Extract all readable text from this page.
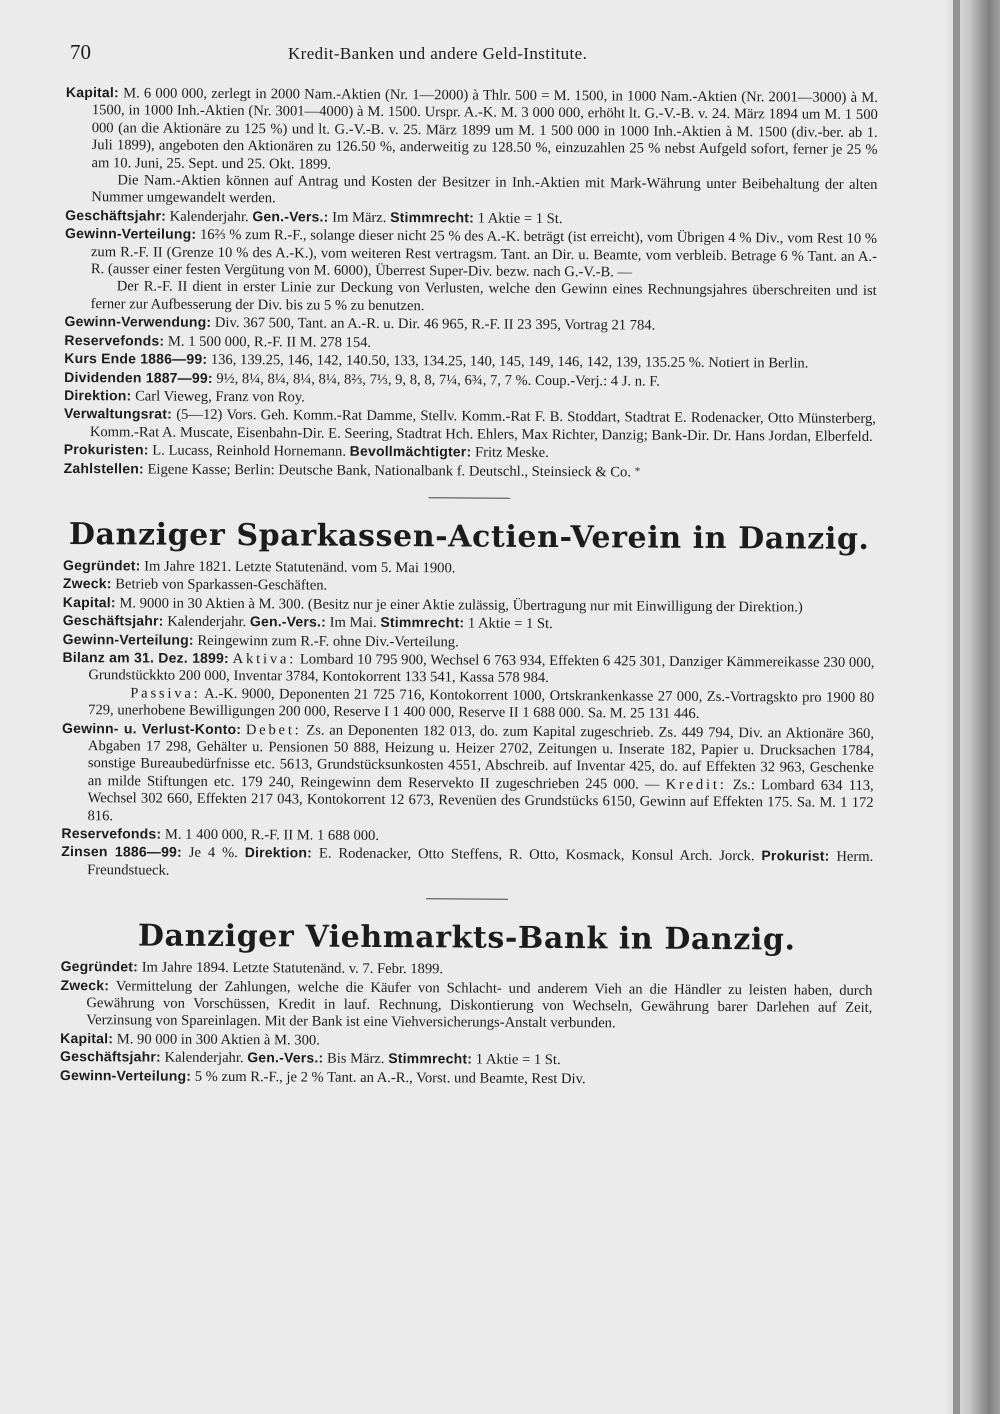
70	Kredit-Banken und andere Geld-Institute.

Kapital: M. 6 000 000, zerlegt in 2000 Nam.-Aktien (Nr. 1—2000) à Thlr. 500 = M. 1500, in 1000 Nam.-Aktien (Nr. 2001—3000) à M. 1500, in 1000 Inh.-Aktien (Nr. 3001—4000) à M. 1500. Urspr. A.-K. M. 3 000 000, erhöht lt. G.-V.-B. v. 24. März 1894 um M. 1 500 000 (an die Aktionäre zu 125 %) und lt. G.-V.-B. v. 25. März 1899 um M. 1 500 000 in 1000 Inh.-Aktien à M. 1500 (div.-ber. ab 1. Juli 1899), angeboten den Aktionären zu 126.50 %, anderweitig zu 128.50 %, einzuzahlen 25 % nebst Aufgeld sofort, ferner je 25 % am 10. Juni, 25. Sept. und 25. Okt. 1899.

Die Nam.-Aktien können auf Antrag und Kosten der Besitzer in Inh.-Aktien mit Mark-Währung unter Beibehaltung der alten Nummer umgewandelt werden.

Geschäftsjahr: Kalenderjahr. Gen.-Vers.: Im März. Stimmrecht: 1 Aktie = 1 St.

Gewinn-Verteilung: 16⅔ % zum R.-F., solange dieser nicht 25 % des A.-K. beträgt (ist erreicht), vom Übrigen 4 % Div., vom Rest 10 % zum R.-F. II (Grenze 10 % des A.-K.), vom weiteren Rest vertragsm. Tant. an Dir. u. Beamte, vom verbleib. Betrage 6 % Tant. an A.-R. (ausser einer festen Vergütung von M. 6000), Überrest Super-Div. bezw. nach G.-V.-B. —

Der R.-F. II dient in erster Linie zur Deckung von Verlusten, welche den Gewinn eines Rechnungsjahres überschreiten und ist ferner zur Aufbesserung der Div. bis zu 5 % zu benutzen.

Gewinn-Verwendung: Div. 367 500, Tant. an A.-R. u. Dir. 46 965, R.-F. II 23 395, Vortrag 21 784.

Reservefonds: M. 1 500 000, R.-F. II M. 278 154.

Kurs Ende 1886—99: 136, 139.25, 146, 142, 140.50, 133, 134.25, 140, 145, 149, 146, 142, 139, 135.25 %. Notiert in Berlin.

Dividenden 1887—99: 9½, 8¼, 8¼, 8¼, 8¼, 8⅔, 7⅓, 9, 8, 8, 7¼, 6¾, 7, 7 %. Coup.-Verj.: 4 J. n. F.

Direktion: Carl Vieweg, Franz von Roy.

Verwaltungsrat: (5—12) Vors. Geh. Komm.-Rat Damme, Stellv. Komm.-Rat F. B. Stoddart, Stadtrat E. Rodenacker, Otto Münsterberg, Komm.-Rat A. Muscate, Eisenbahn-Dir. E. Seering, Stadtrat Hch. Ehlers, Max Richter, Danzig; Bank-Dir. Dr. Hans Jordan, Elberfeld.

Prokuristen: L. Lucass, Reinhold Hornemann. Bevollmächtigter: Fritz Meske.

Zahlstellen: Eigene Kasse; Berlin: Deutsche Bank, Nationalbank f. Deutschl., Steinsieck & Co. *

Danziger Sparkassen-Actien-Verein in Danzig.

Gegründet: Im Jahre 1821. Letzte Statutenänd. vom 5. Mai 1900.

Zweck: Betrieb von Sparkassen-Geschäften.

Kapital: M. 9000 in 30 Aktien à M. 300. (Besitz nur je einer Aktie zulässig, Übertragung nur mit Einwilligung der Direktion.)

Geschäftsjahr: Kalenderjahr. Gen.-Vers.: Im Mai. Stimmrecht: 1 Aktie = 1 St.

Gewinn-Verteilung: Reingewinn zum R.-F. ohne Div.-Verteilung.

Bilanz am 31. Dez. 1899: Aktiva: Lombard 10 795 900, Wechsel 6 763 934, Effekten 6 425 301, Danziger Kämmereikasse 230 000, Grundstückkto 200 000, Inventar 3784, Kontokorrent 133 541, Kassa 578 984.

Passiva: A.-K. 9000, Deponenten 21 725 716, Kontokorrent 1000, Ortskrankenkasse 27 000, Zs.-Vortragskto pro 1900 80 729, unerhobene Bewilligungen 200 000, Reserve I 1 400 000, Reserve II 1 688 000. Sa. M. 25 131 446.

Gewinn- u. Verlust-Konto: Debet: Zs. an Deponenten 182 013, do. zum Kapital zugeschrieb. Zs. 449 794, Div. an Aktionäre 360, Abgaben 17 298, Gehälter u. Pensionen 50 888, Heizung u. Heizer 2702, Zeitungen u. Inserate 182, Papier u. Drucksachen 1784, sonstige Bureaubedürfnisse etc. 5613, Grundstücksunkosten 4551, Abschreib. auf Inventar 425, do. auf Effekten 32 963, Geschenke an milde Stiftungen etc. 179 240, Reingewinn dem Reservekto II zugeschrieben 245 000. — Kredit: Zs.: Lombard 634 113, Wechsel 302 660, Effekten 217 043, Kontokorrent 12 673, Revenüen des Grundstücks 6150, Gewinn auf Effekten 175. Sa. M. 1 172 816.

Reservefonds: M. 1 400 000, R.-F. II M. 1 688 000.

Zinsen 1886—99: Je 4 %. Direktion: E. Rodenacker, Otto Steffens, R. Otto, Kosmack, Konsul Arch. Jorck. Prokurist: Herm. Freundstueck.

Danziger Viehmarkts-Bank in Danzig.

Gegründet: Im Jahre 1894. Letzte Statutenänd. v. 7. Febr. 1899.

Zweck: Vermittelung der Zahlungen, welche die Käufer von Schlacht- und anderem Vieh an die Händler zu leisten haben, durch Gewährung von Vorschüssen, Kredit in lauf. Rechnung, Diskontierung von Wechseln, Gewährung barer Darlehen auf Zeit, Verzinsung von Spareinlagen. Mit der Bank ist eine Viehversicherungs-Anstalt verbunden.

Kapital: M. 90 000 in 300 Aktien à M. 300.

Geschäftsjahr: Kalenderjahr. Gen.-Vers.: Bis März. Stimmrecht: 1 Aktie = 1 St.

Gewinn-Verteilung: 5 % zum R.-F., je 2 % Tant. an A.-R., Vorst. und Beamte, Rest Div.
